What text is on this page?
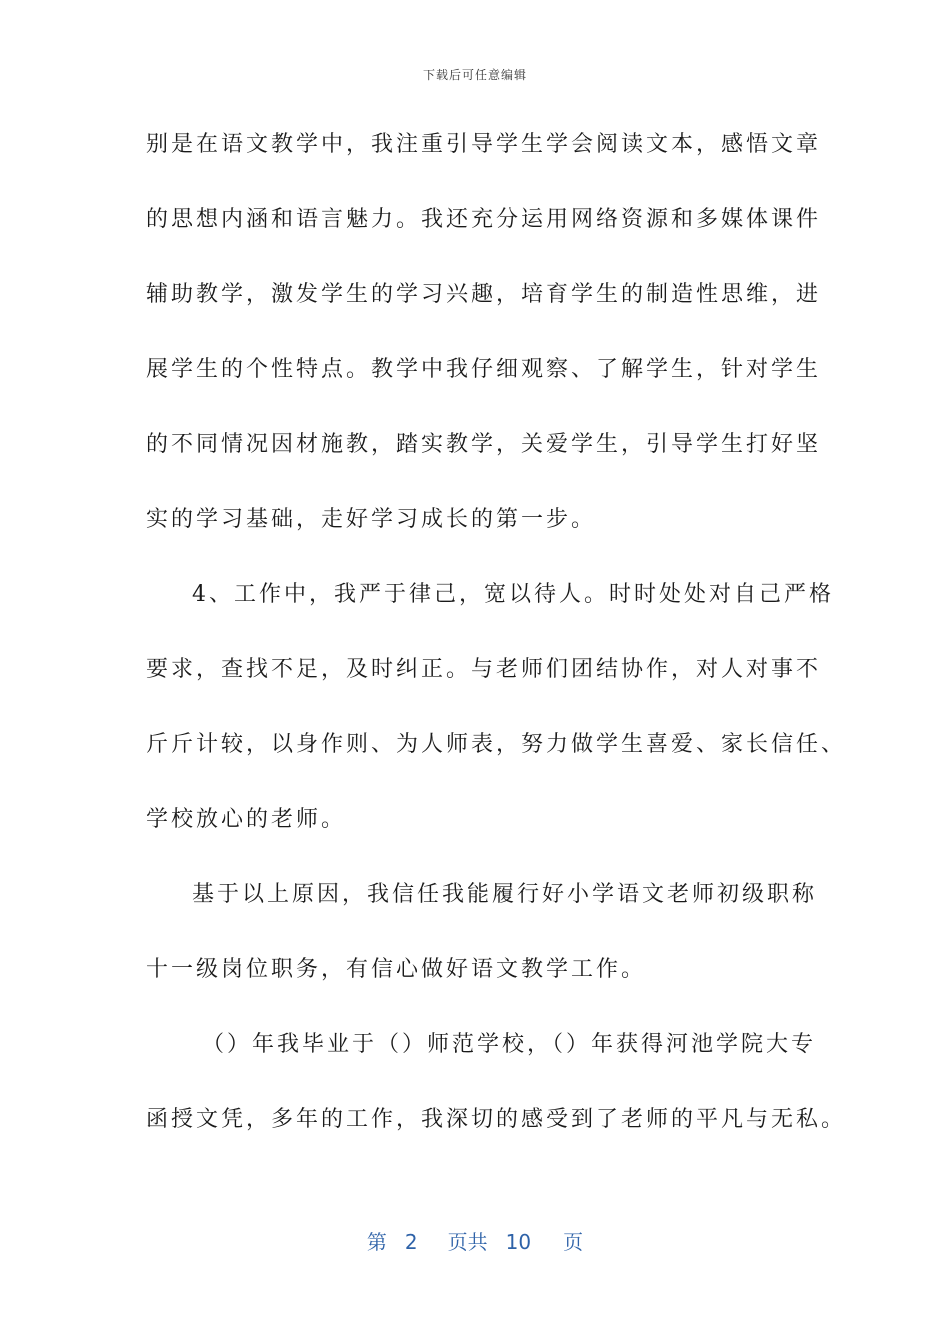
下载后可任意编辑
别是在语文教学中，我注重引导学生学会阅读文本，感悟文章
的思想内涵和语言魅力。我还充分运用网络资源和多媒体课件
辅助教学，激发学生的学习兴趣，培育学生的制造性思维，进
展学生的个性特点。教学中我仔细观察、了解学生，针对学生
的不同情况因材施教，踏实教学，关爱学生，引导学生打好坚
实的学习基础，走好学习成长的第一步。
4、工作中，我严于律己，宽以待人。时时处处对自己严格
要求，查找不足，及时纠正。与老师们团结协作，对人对事不
斤斤计较，以身作则、为人师表，努力做学生喜爱、家长信任、
学校放心的老师。
基于以上原因，我信任我能履行好小学语文老师初级职称
十一级岗位职务，有信心做好语文教学工作。
（）年我毕业于（）师范学校，（）年获得河池学院大专
函授文凭，多年的工作，我深切的感受到了老师的平凡与无私。
第 2 页共 10 页
